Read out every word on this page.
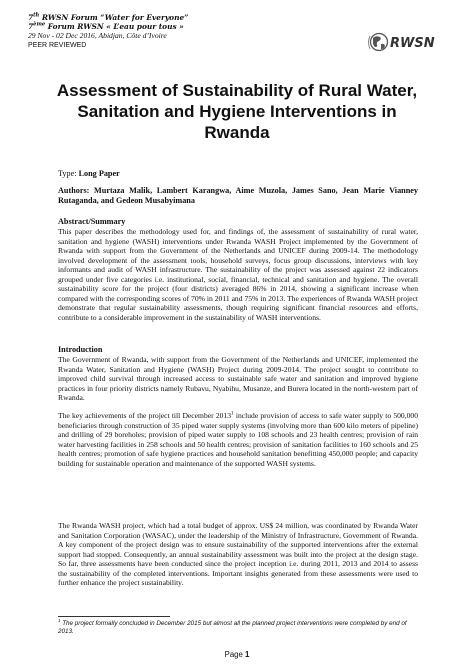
7th RWSN Forum “Water for Everyone”
7ème Forum RWSN « L’eau pour tous »
29 Nov - 02 Dec 2016, Abidjan, Côte d’Ivoire
PEER REVIEWED	RWSN
Assessment of Sustainability of Rural Water, Sanitation and Hygiene Interventions in Rwanda
Type: Long Paper
Authors: Murtaza Malik, Lambert Karangwa, Aime Muzola, James Sano, Jean Marie Vianney Rutaganda, and Gedeon Musabyimana
Abstract/Summary
This paper describes the methodology used for, and findings of, the assessment of sustainability of rural water, sanitation and hygiene (WASH) interventions under Rwanda WASH Project implemented by the Government of Rwanda with support from the Government of the Netherlands and UNICEF during 2009-14. The methodology involved development of the assessment tools, household surveys, focus group discussions, interviews with key informants and audit of WASH infrastructure. The sustainability of the project was assessed against 22 indicators grouped under five categories i.e. institutional, social, financial, technical and sanitation and hygiene. The overall sustainability score for the project (four districts) averaged 86% in 2014, showing a significant increase when compared with the corresponding scores of 70% in 2011 and 75% in 2013. The experiences of Rwanda WASH project demonstrate that regular sustainability assessments, though requiring significant financial resources and efforts, contribute to a considerable improvement in the sustainability of WASH interventions.
Introduction
The Government of Rwanda, with support from the Government of the Netherlands and UNICEF, implemented the Rwanda Water, Sanitation and Hygiene (WASH) Project during 2009-2014. The project sought to contribute to improved child survival through increased access to sustainable safe water and sanitation and improved hygiene practices in four priority districts namely Rubavu, Nyabihu, Musanze, and Burera located in the north-western part of Rwanda.
The key achievements of the project till December 2013$^1$ include provision of access to safe water supply to 500,000 beneficiaries through construction of 35 piped water supply systems (involving more than 600 kilo meters of pipeline) and drilling of 29 boreholes; provision of piped water supply to 108 schools and 23 health centres; provision of rain water harvesting facilities in 258 schools and 50 health centres; provision of sanitation facilities to 160 schools and 25 health centres; promotion of safe hygiene practices and household sanitation benefitting 450,000 people; and capacity building for sustainable operation and maintenance of the supported WASH systems.
The Rwanda WASH project, which had a total budget of approx. US$ 24 million, was coordinated by Rwanda Water and Sanitation Corporation (WASAC), under the leadership of the Ministry of Infrastructure, Government of Rwanda. A key component of the project design was to ensure sustainability of the supported interventions after the external support had stopped. Consequently, an annual sustainability assessment was built into the project at the design stage. So far, three assessments have been conducted since the project inception i.e. during 2011, 2013 and 2014 to assess the sustainability of the completed interventions. Important insights generated from these assessments were used to further enhance the project sustainability.
$^1$ The project formally concluded in December 2015 but almost all the planned project interventions were completed by end of 2013.
Page 1
